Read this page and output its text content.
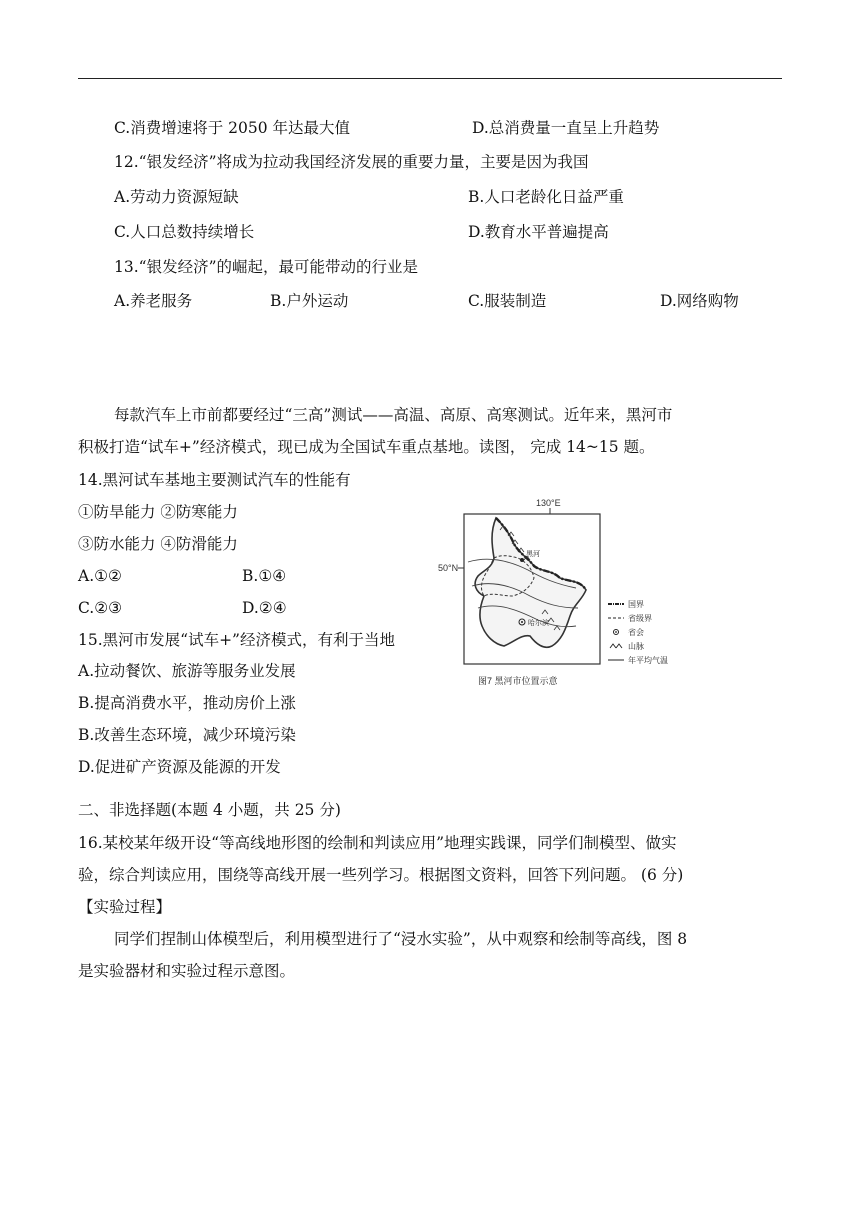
C.消费增速将于 2050 年达最大值	D.总消费量一直呈上升趋势
12.“银发经济”将成为拉动我国经济发展的重要力量，主要是因为我国
A.劳动力资源短缺	B.人口老龄化日益严重
C.人口总数持续增长	D.教育水平普遍提高
13.“银发经济”的崛起，最可能带动的行业是
A.养老服务	B.户外运动	C.服装制造	D.网络购物
每款汽车上市前都要经过“三高”测试——高温、高原、高寒测试。近年来，黑河市
积极打造“试车+”经济模式，现已成为全国试车重点基地。读图， 完成 14~15 题。
14.黑河试车基地主要测试汽车的性能有
①防旱能力 ②防寒能力
③防水能力 ④防滑能力
A.①②	B.①④
C.②③	D.②④
15.黑河市发展“试车+”经济模式，有利于当地
A.拉动餐饮、旅游等服务业发展
B.提高消费水平，推动房价上涨
B.改善生态环境，减少环境污染
D.促进矿产资源及能源的开发
130°E
50°N
黑河
哈尔滨
国界
省级界
省会
山脉
年平均气温
图7 黑河市位置示意
二、非选择题(本题 4 小题，共 25 分)
16.某校某年级开设“等高线地形图的绘制和判读应用”地理实践课，同学们制模型、做实
验，综合判读应用，围绕等高线开展一些列学习。根据图文资料，回答下列问题。 (6 分)
【实验过程】
同学们捏制山体模型后，利用模型进行了“浸水实验”，从中观察和绘制等高线，图 8
是实验器材和实验过程示意图。
